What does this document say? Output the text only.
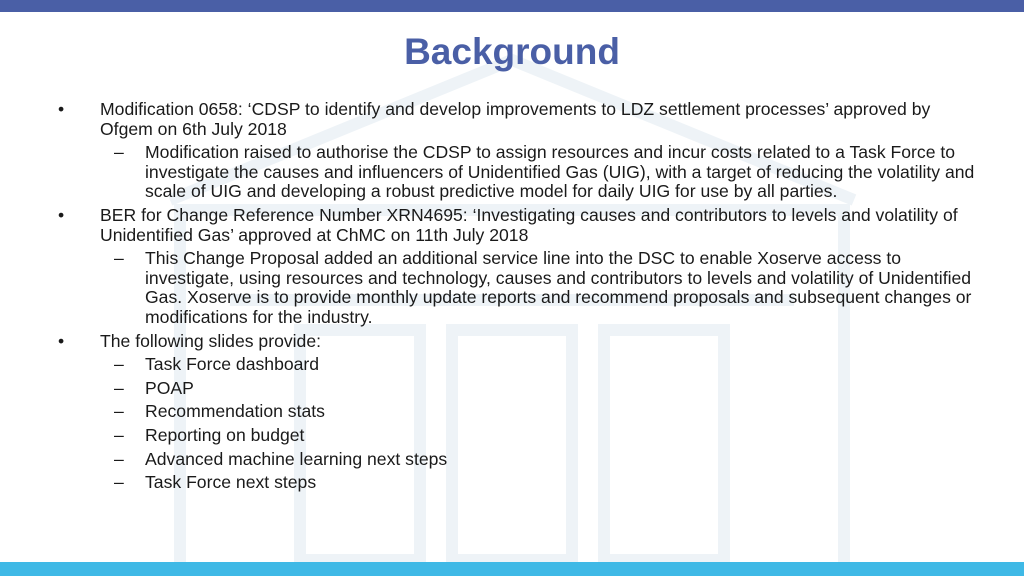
Background
• Modification 0658: ‘CDSP to identify and develop improvements to LDZ settlement processes’ approved by Ofgem on 6th July 2018
– Modification raised to authorise the CDSP to assign resources and incur costs related to a Task Force to investigate the causes and influencers of Unidentified Gas (UIG), with a target of reducing the volatility and scale of UIG and developing a robust predictive model for daily UIG for use by all parties.
• BER for Change Reference Number XRN4695: ‘Investigating causes and contributors to levels and volatility of Unidentified Gas’ approved at ChMC on 11th July 2018
– This Change Proposal added an additional service line into the DSC to enable Xoserve access to investigate, using resources and technology, causes and contributors to levels and volatility of Unidentified Gas. Xoserve is to provide monthly update reports and recommend proposals and subsequent changes or modifications for the industry.
• The following slides provide:
– Task Force dashboard
– POAP
– Recommendation stats
– Reporting on budget
– Advanced machine learning next steps
– Task Force next steps
